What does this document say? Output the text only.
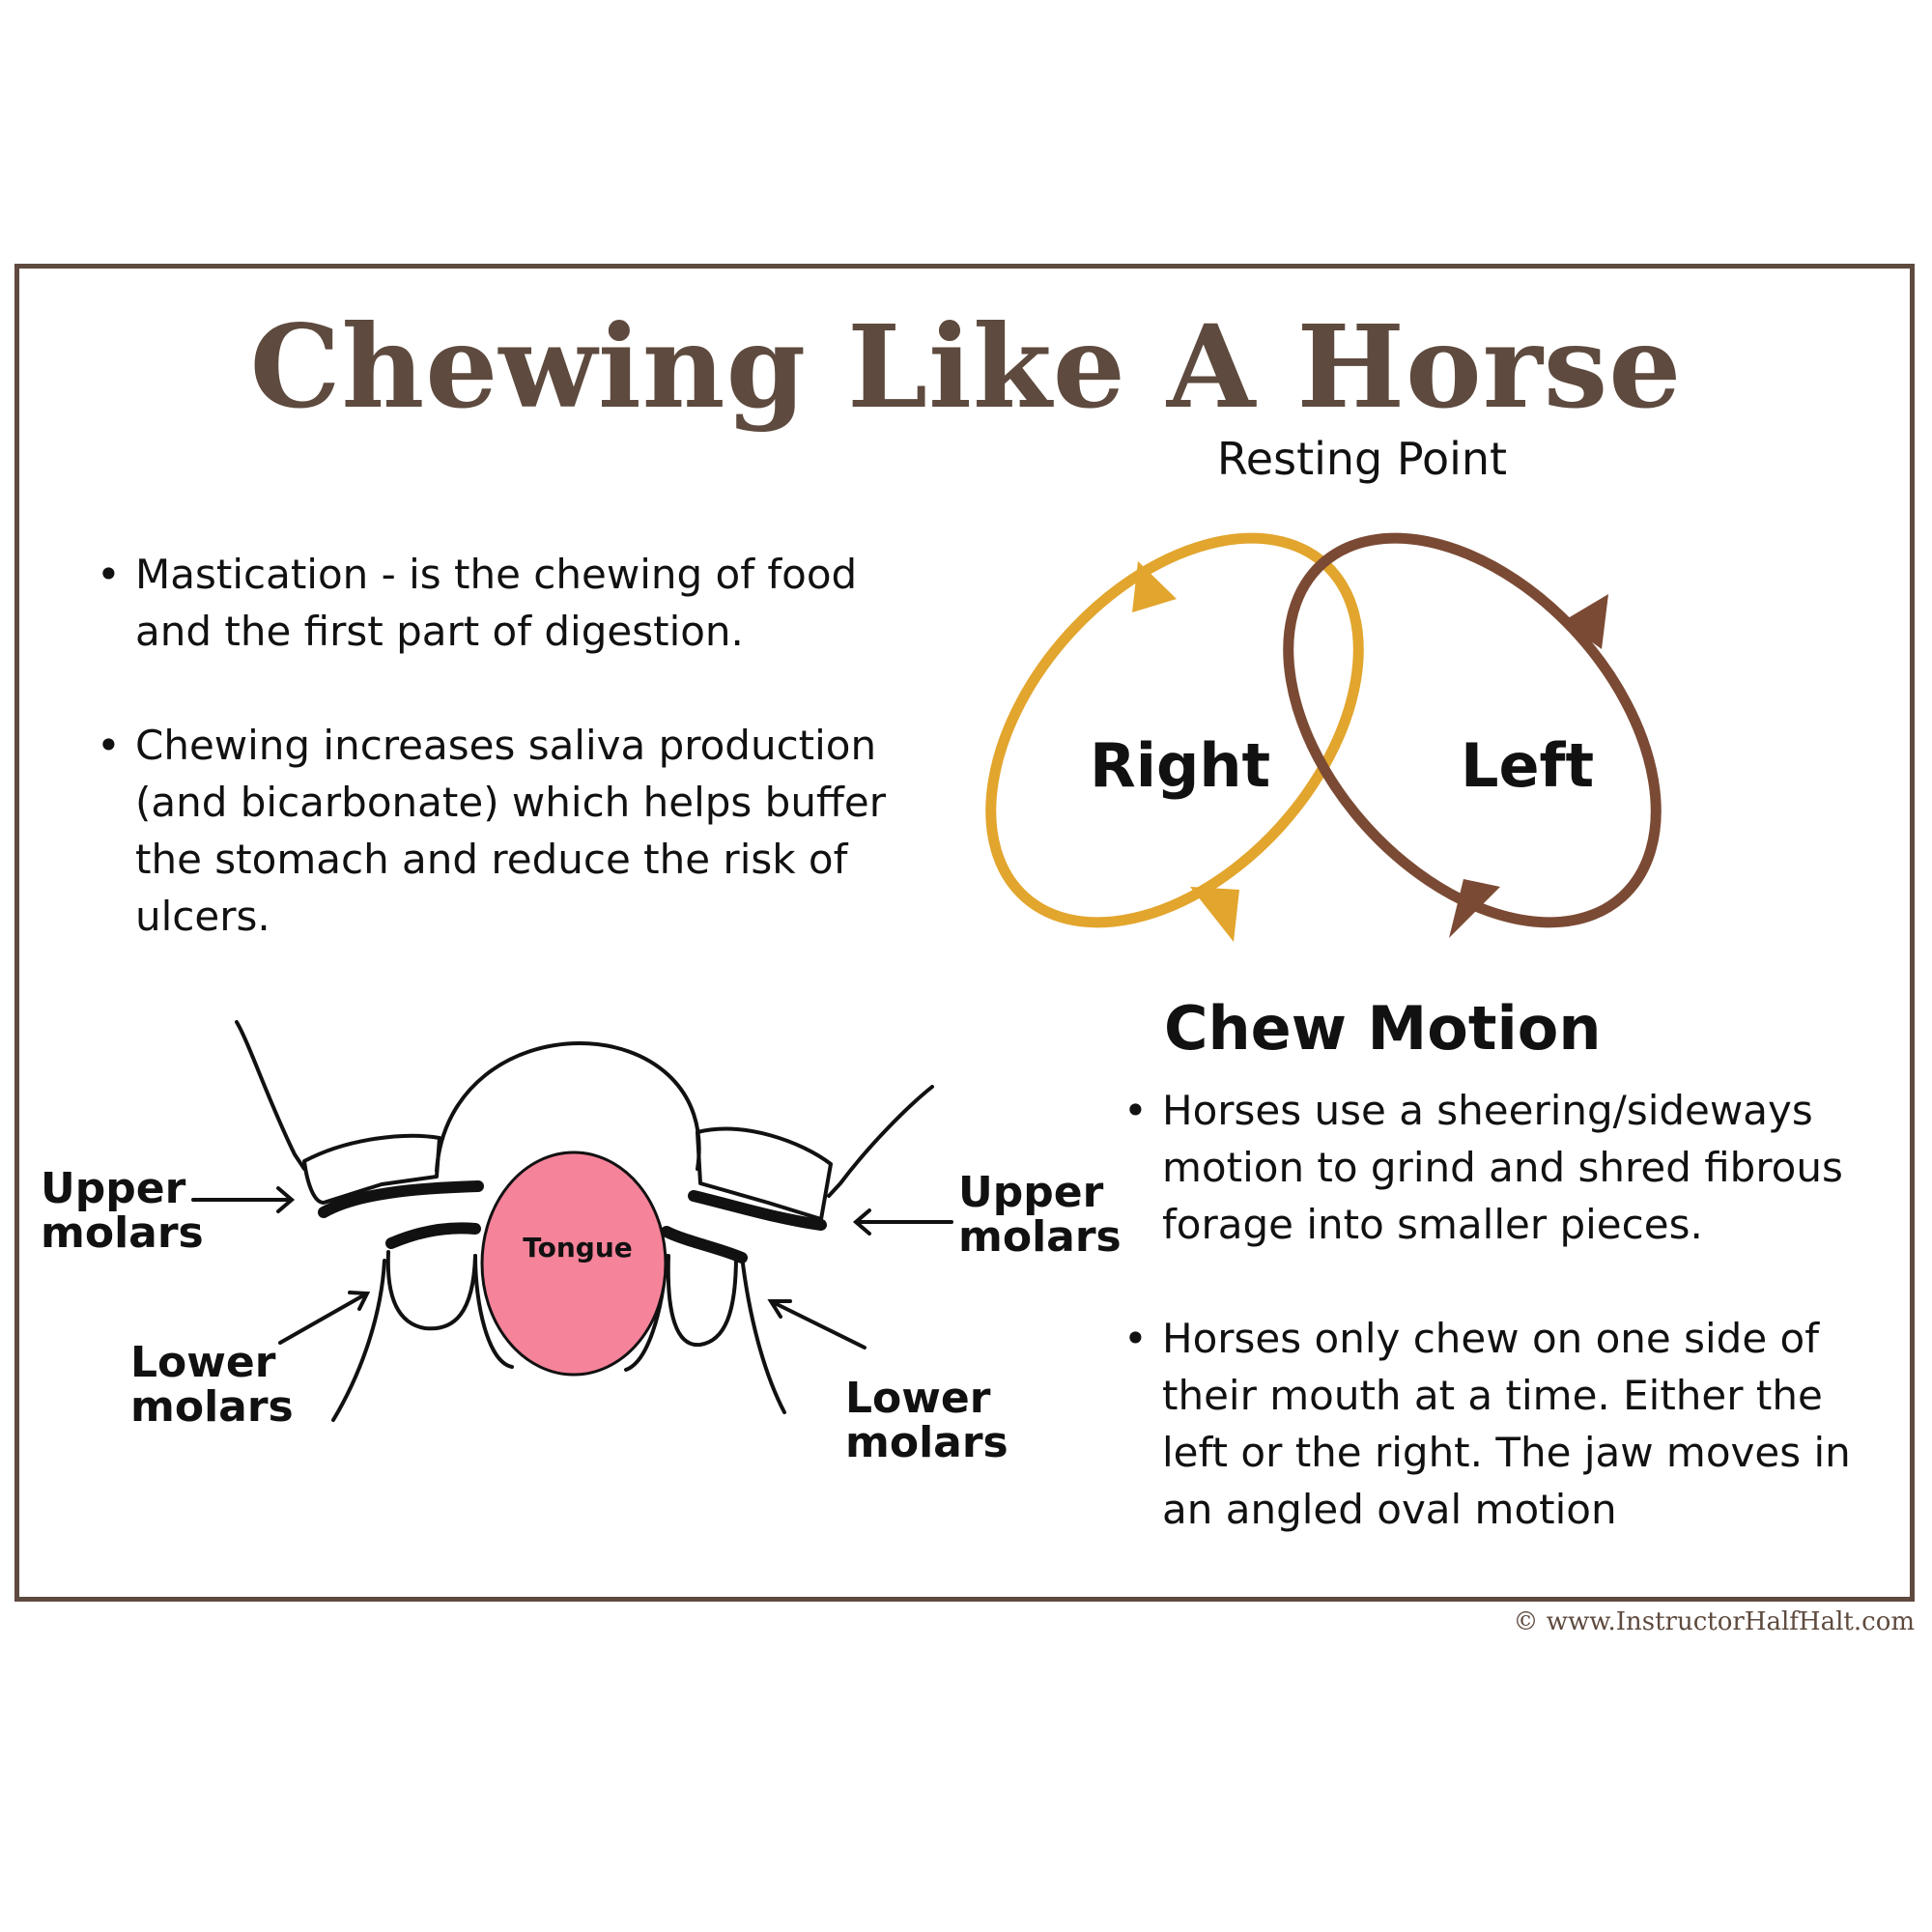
Chewing Like A Horse
• Mastication - is the chewing of food and the first part of digestion.
• Chewing increases saliva production (and bicarbonate) which helps buffer the stomach and reduce the risk of ulcers.
Resting Point
Right	Left
Chew Motion
• Horses use a sheering/sideways motion to grind and shred fibrous forage into smaller pieces.
• Horses only chew on one side of their mouth at a time. Either the left or the right. The jaw moves in an angled oval motion
Tongue
Upper molars
Upper molars
Lower molars	Lower molars
© www.InstructorHalfHalt.com
